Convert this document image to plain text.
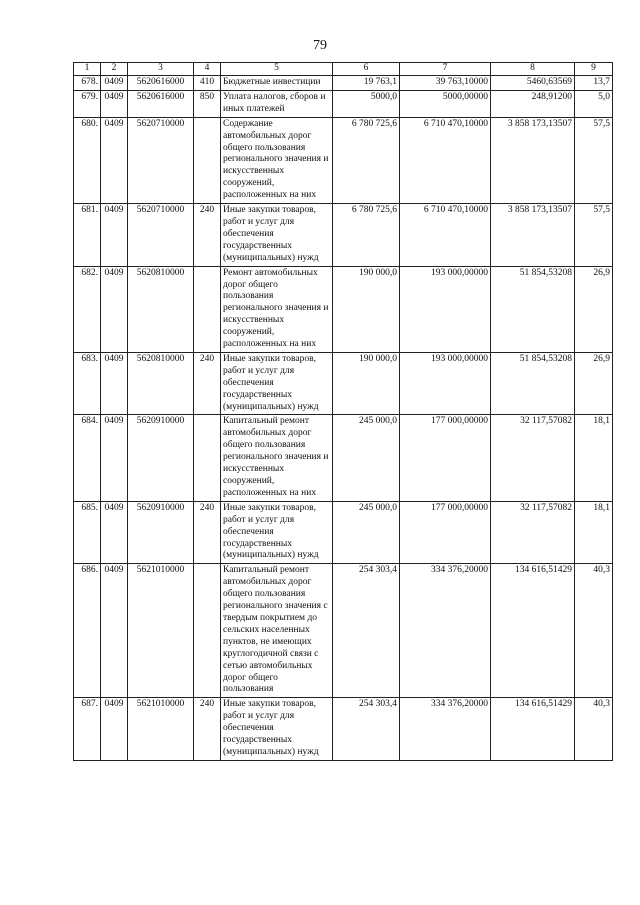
79
1	2	3	4	5	6	7	8	9
678.	0409	5620616000	410	Бюджетные инвестиции	19 763,1	39 763,10000	5460,63569	13,7
679.	0409	5620616000	850	Уплата налогов, сборов и иных платежей	5000,0	5000,00000	248,91200	5,0
680.	0409	5620710000		Содержание автомобильных дорог общего пользования регионального значения и искусственных сооружений, расположенных на них	6 780 725,6	6 710 470,10000	3 858 173,13507	57,5
681.	0409	5620710000	240	Иные закупки товаров, работ и услуг для обеспечения государственных (муниципальных) нужд	6 780 725,6	6 710 470,10000	3 858 173,13507	57,5
682.	0409	5620810000		Ремонт автомобильных дорог общего пользования регионального значения и искусственных сооружений, расположенных на них	190 000,0	193 000,00000	51 854,53208	26,9
683.	0409	5620810000	240	Иные закупки товаров, работ и услуг для обеспечения государственных (муниципальных) нужд	190 000,0	193 000,00000	51 854,53208	26,9
684.	0409	5620910000		Капитальный ремонт автомобильных дорог общего пользования регионального значения и искусственных сооружений, расположенных на них	245 000,0	177 000,00000	32 117,57082	18,1
685.	0409	5620910000	240	Иные закупки товаров, работ и услуг для обеспечения государственных (муниципальных) нужд	245 000,0	177 000,00000	32 117,57082	18,1
686.	0409	5621010000		Капитальный ремонт автомобильных дорог общего пользования регионального значения с твердым покрытием до сельских населенных пунктов, не имеющих круглогодичной связи с сетью автомобильных дорог общего пользования	254 303,4	334 376,20000	134 616,51429	40,3
687.	0409	5621010000	240	Иные закупки товаров, работ и услуг для обеспечения государственных (муниципальных) нужд	254 303,4	334 376,20000	134 616,51429	40,3
